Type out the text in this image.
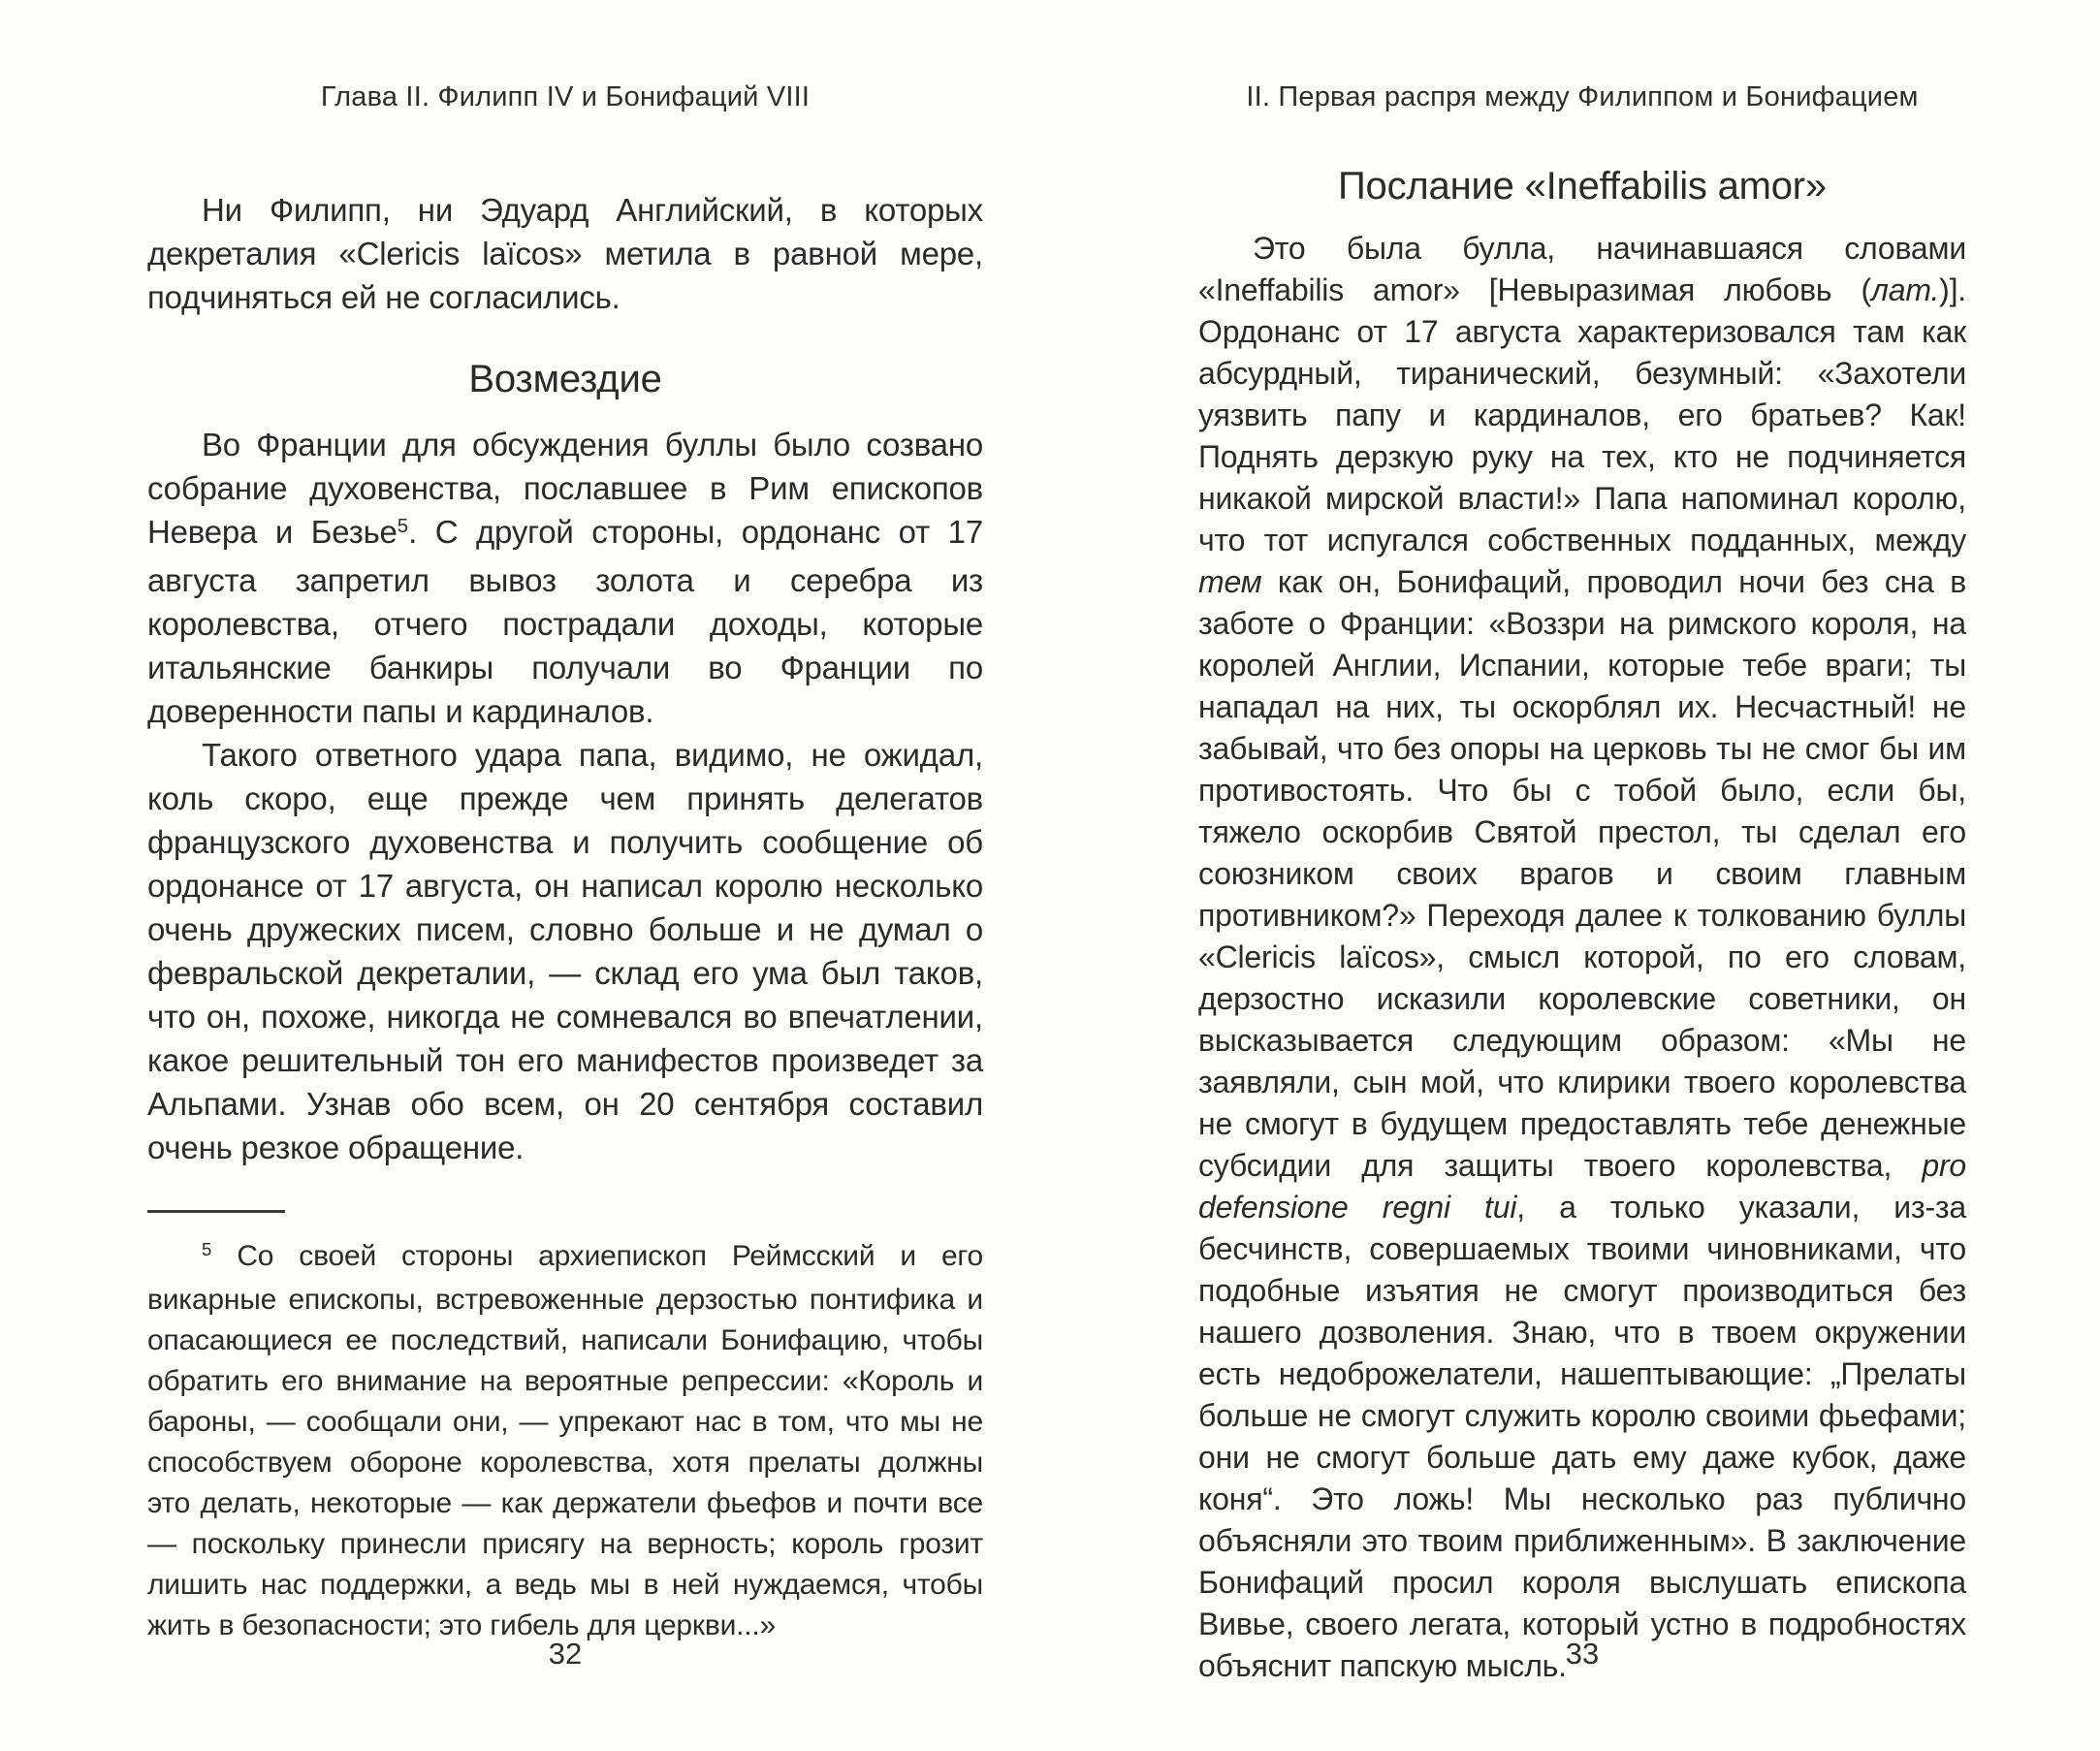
Глава II. Филипп IV и Бонифаций VIII

Ни Филипп, ни Эдуард Английский, в которых декреталия «Clericis laïcos» метила в равной мере, подчиняться ей не согласились.

Возмездие

Во Франции для обсуждения буллы было созвано собрание духовенства, пославшее в Рим епископов Невера и Безье$^5$. С другой стороны, ордонанс от 17 августа запретил вывоз золота и серебра из королевства, отчего пострадали доходы, которые итальянские банкиры получали во Франции по доверенности папы и кардиналов.

Такого ответного удара папа, видимо, не ожидал, коль скоро, еще прежде чем принять делегатов французского духовенства и получить сообщение об ордонансе от 17 августа, он написал королю несколько очень дружеских писем, словно больше и не думал о февральской декреталии, — склад его ума был таков, что он, похоже, никогда не сомневался во впечатлении, какое решительный тон его манифестов произведет за Альпами. Узнав обо всем, он 20 сентября составил очень резкое обращение.

$^5$ Со своей стороны архиепископ Реймсский и его викарные епископы, встревоженные дерзостью понтифика и опасающиеся ее последствий, написали Бонифацию, чтобы обратить его внимание на вероятные репрессии: «Король и бароны, — сообщали они, — упрекают нас в том, что мы не способствуем обороне королевства, хотя прелаты должны это делать, некоторые — как держатели фьефов и почти все — поскольку принесли присягу на верность; король грозит лишить нас поддержки, а ведь мы в ней нуждаемся, чтобы жить в безопасности; это гибель для церкви...»

32
II. Первая распря между Филиппом и Бонифацием
Послание «Ineffabilis amor»

Это была булла, начинавшаяся словами «Ineffabilis amor» [Невыразимая любовь (лат.)]. Ордонанс от 17 августа характеризовался там как абсурдный, тиранический, безумный: «Захотели уязвить папу и кардиналов, его братьев? Как! Поднять дерзкую руку на тех, кто не подчиняется никакой мирской власти!» Папа напоминал королю, что тот испугался собственных подданных, между тем как он, Бонифаций, проводил ночи без сна в заботе о Франции: «Воззри на римского короля, на королей Англии, Испании, которые тебе враги; ты нападал на них, ты оскорблял их. Несчастный! не забывай, что без опоры на церковь ты не смог бы им противостоять. Что бы с тобой было, если бы, тяжело оскорбив Святой престол, ты сделал его союзником своих врагов и своим главным противником?» Переходя далее к толкованию буллы «Clericis laïcos», смысл которой, по его словам, дерзостно исказили королевские советники, он высказывается следующим образом: «Мы не заявляли, сын мой, что клирики твоего королевства не смогут в будущем предоставлять тебе денежные субсидии для защиты твоего королевства, pro defensione regni tui, а только указали, из-за бесчинств, совершаемых твоими чиновниками, что подобные изъятия не смогут производиться без нашего дозволения. Знаю, что в твоем окружении есть недоброжелатели, нашептывающие: „Прелаты больше не смогут служить королю своими фьефами; они не смогут больше дать ему даже кубок, даже коня“. Это ложь! Мы несколько раз публично объясняли это твоим приближенным». В заключение Бонифаций просил короля выслушать епископа Вивье, своего легата, который устно в подробностях объяснит папскую мысль.

33
